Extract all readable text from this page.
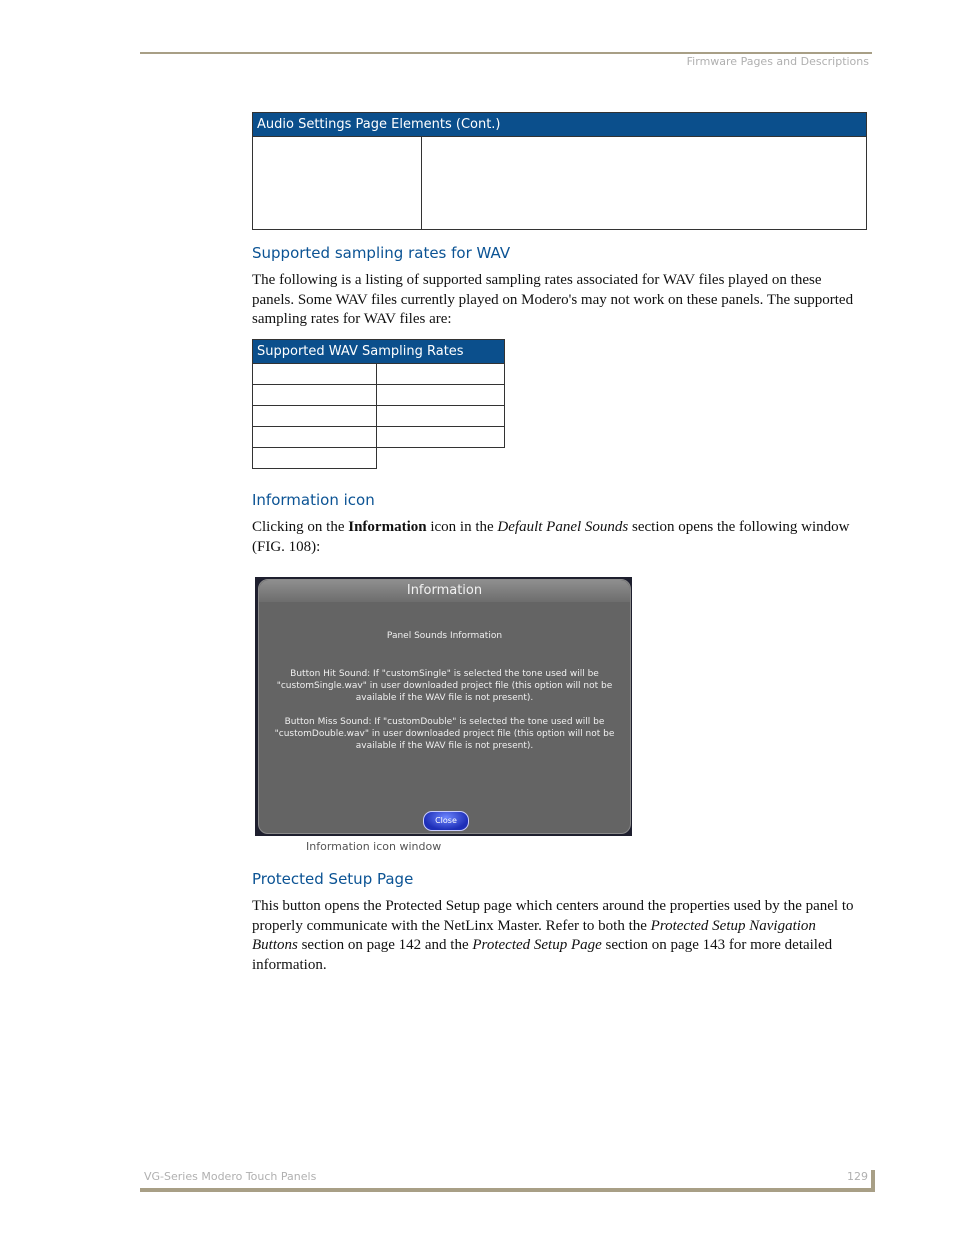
Firmware Pages and Descriptions
Audio Settings Page Elements (Cont.)

Supported sampling rates for WAV

The following is a listing of supported sampling rates associated for WAV files played on these panels. Some WAV files currently played on Modero's may not work on these panels. The supported sampling rates for WAV files are:

Supported WAV Sampling Rates	

Information icon

Clicking on the Information icon in the Default Panel Sounds section opens the following window (FIG. 108):

Information
Panel Sounds Information

Button Hit Sound: If "customSingle" is selected the tone used will be "customSingle.wav" in user downloaded project file (this option will not be available if the WAV file is not present).

Button Miss Sound: If "customDouble" is selected the tone used will be "customDouble.wav" in user downloaded project file (this option will not be available if the WAV file is not present).

Close
Information icon window
Protected Setup Page

This button opens the Protected Setup page which centers around the properties used by the panel to properly communicate with the NetLinx Master. Refer to both the Protected Setup Navigation Buttons section on page 142 and the Protected Setup Page section on page 143 for more detailed information.

VG-Series Modero Touch Panels	129
